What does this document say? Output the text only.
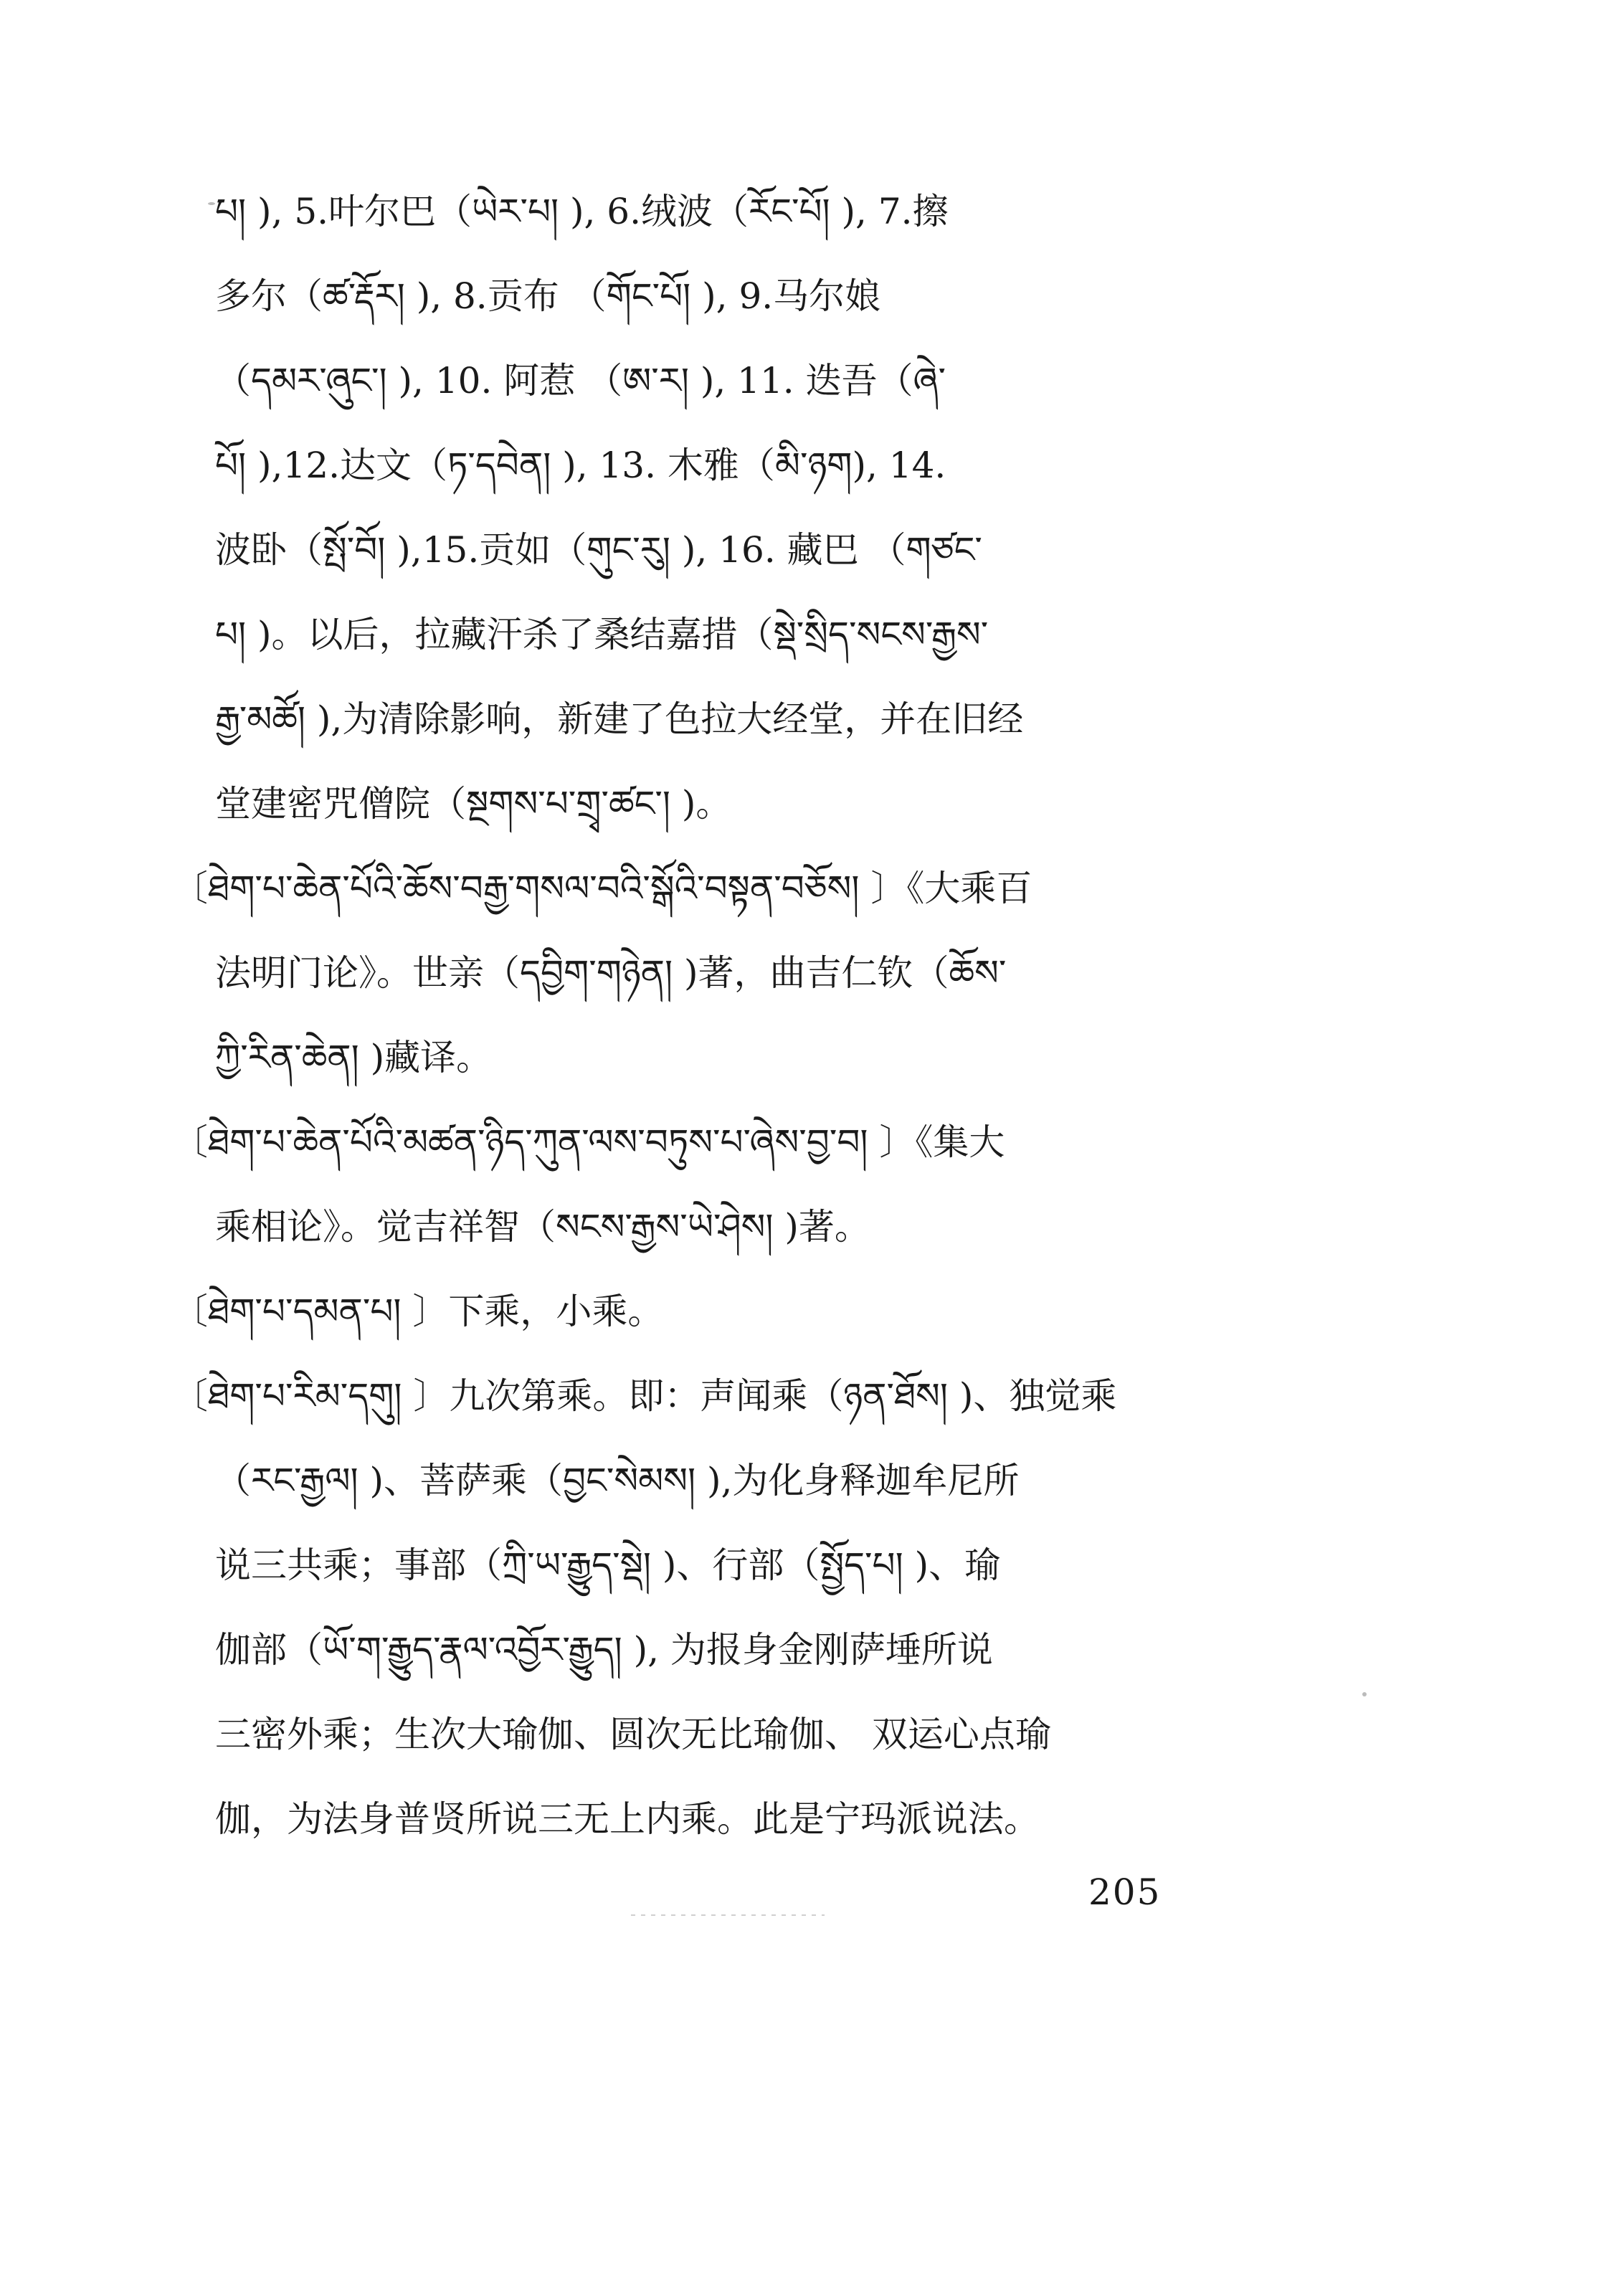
པ། ), 5.叶尔巴（ཡེར་པ། ), 6.绒波（རོང་པོ། ), 7.擦
多尔（ཚ་རྡོར། ), 8.贡布 （གོང་པོ། ), 9.马尔娘
（དམར་ཞུང་། ), 10. 阿惹 （ཨ་ར། ), 11. 迭吾（ཞེ་
པོ། ),12.达文（ཏ་དབེན། ), 13. 木雅（མི་ཉག), 14.
波卧（སྤོ་བོ། ),15.贡如（གུང་རུ། ), 16. 藏巴 （གཙང་
པ། )。以后，拉藏汗杀了桑结嘉措（སྡེ་སྲིད་སངས་རྒྱས་
རྒྱ་མཚོ། ),为清除影响，新建了色拉大经堂，并在旧经
堂建密咒僧院（སྔགས་པ་གྲྭ་ཚང་། )。
〔ཐེག་པ་ཆེན་པོའི་ཆོས་བརྒྱ་གསལ་བའི་སྒོའི་བསྟན་བཅོས། 〕《大乘百
法明门论》。世亲（དབྱིག་གཉེན། )著，曲吉仁钦（ཆོས་
ཀྱི་རིན་ཆེན། )藏译。
〔ཐེག་པ་ཆེན་པོའི་མཚན་ཉིད་ཀུན་ལས་བཏུས་པ་ཞེས་བྱ་བ། 〕《集大
乘相论》。觉吉祥智（སངས་རྒྱས་ཡེ་ཤེས། )著。
〔ཐེག་པ་དམན་པ། 〕下乘，小乘。
〔ཐེག་པ་རིམ་དགུ། 〕九次第乘。即：声闻乘（ཉན་ཐོས། )、独觉乘
（རང་རྒྱལ། )、菩萨乘（བྱང་སེམས། ),为化身释迦牟尼所
说三共乘；事部（ཀྲི་ཡ་རྒྱུད་སྡེ། )、行部（སྤྱོད་པ། )、瑜
伽部（ཡོ་ག་རྒྱུད་རྣལ་འབྱོར་རྒྱུད། ), 为报身金刚萨埵所说
三密外乘；生次大瑜伽、圆次无比瑜伽、 双运心点瑜
伽，为法身普贤所说三无上内乘。此是宁玛派说法。
205
